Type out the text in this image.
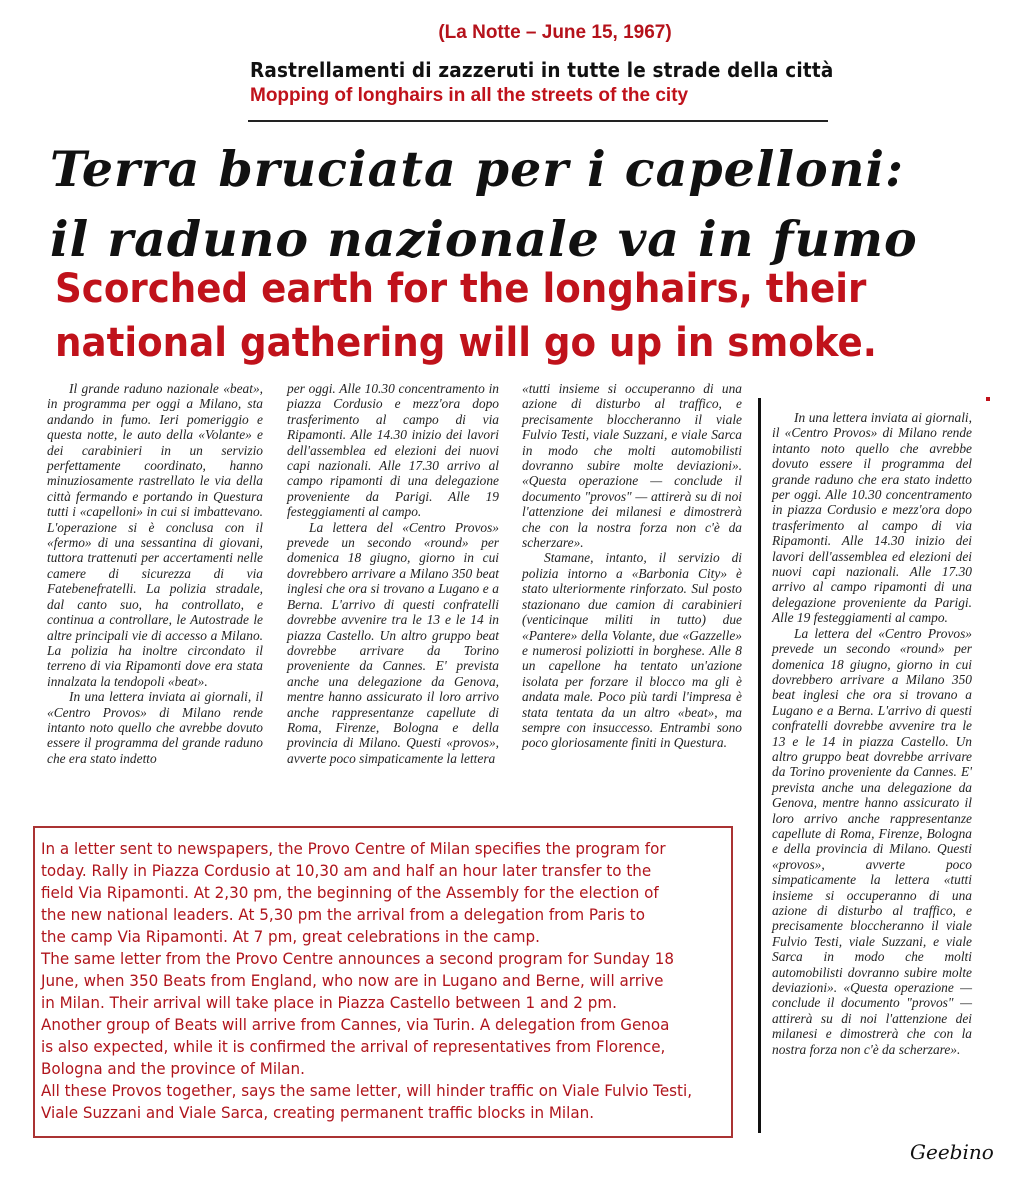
(La Notte – June 15, 1967)
Rastrellamenti di zazzeruti in tutte le strade della città
Mopping of longhairs in all the streets of the city
Terra bruciata per i capelloni:
il raduno nazionale va in fumo
Scorched earth for the longhairs, their
national gathering will go up in smoke.

Il grande raduno nazionale «beat», in programma per oggi a Milano, sta andando in fumo. Ieri pomeriggio e questa notte, le auto della «Volante» e dei carabinieri in un servizio perfettamente coordinato, hanno minuziosamente rastrellato le via della città fermando e portando in Questura tutti i «capelloni» in cui si imbattevano. L'operazione si è conclusa con il «fermo» di una sessantina di giovani, tuttora trattenuti per accertamenti nelle camere di sicurezza di via Fatebenefratelli. La polizia stradale, dal canto suo, ha controllato, e continua a controllare, le Autostrade le altre principali vie di accesso a Milano. La polizia ha inoltre circondato il terreno di via Ripamonti dove era stata innalzata la tendopoli «beat».

In una lettera inviata ai giornali, il «Centro Provos» di Milano rende intanto noto quello che avrebbe dovuto essere il programma del grande raduno che era stato indetto

per oggi. Alle 10.30 concentramento in piazza Cordusio e mezz'ora dopo trasferimento al campo di via Ripamonti. Alle 14.30 inizio dei lavori dell'assemblea ed elezioni dei nuovi capi nazionali. Alle 17.30 arrivo al campo ripamonti di una delegazione proveniente da Parigi. Alle 19 festeggiamenti al campo.

La lettera del «Centro Provos» prevede un secondo «round» per domenica 18 giugno, giorno in cui dovrebbero arrivare a Milano 350 beat inglesi che ora si trovano a Lugano e a Berna. L'arrivo di questi confratelli dovrebbe avvenire tra le 13 e le 14 in piazza Castello. Un altro gruppo beat dovrebbe arrivare da Torino proveniente da Cannes. E' prevista anche una delegazione da Genova, mentre hanno assicurato il loro arrivo anche rappresentanze capellute di Roma, Firenze, Bologna e della provincia di Milano. Questi «provos», avverte poco simpaticamente la lettera

«tutti insieme si occuperanno di una azione di disturbo al traffico, e precisamente bloccheranno il viale Fulvio Testi, viale Suzzani, e viale Sarca in modo che molti automobilisti dovranno subire molte deviazioni». «Questa operazione — conclude il documento "provos" — attirerà su di noi l'attenzione dei milanesi e dimostrerà che con la nostra forza non c'è da scherzare».

Stamane, intanto, il servizio di polizia intorno a «Barbonia City» è stato ulteriormente rinforzato. Sul posto stazionano due camion di carabinieri (venticinque militi in tutto) due «Pantere» della Volante, due «Gazzelle» e numerosi poliziotti in borghese. Alle 8 un capellone ha tentato un'azione isolata per forzare il blocco ma gli è andata male. Poco più tardi l'impresa è stata tentata da un altro «beat», ma sempre con insuccesso. Entrambi sono poco gloriosamente finiti in Questura.

In una lettera inviata ai giornali, il «Centro Provos» di Milano rende intanto noto quello che avrebbe dovuto essere il programma del grande raduno che era stato indetto per oggi. Alle 10.30 concentramento in piazza Cordusio e mezz'ora dopo trasferimento al campo di via Ripamonti. Alle 14.30 inizio dei lavori dell'assemblea ed elezioni dei nuovi capi nazionali. Alle 17.30 arrivo al campo ripamonti di una delegazione proveniente da Parigi. Alle 19 festeggiamenti al campo.

La lettera del «Centro Provos» prevede un secondo «round» per domenica 18 giugno, giorno in cui dovrebbero arrivare a Milano 350 beat inglesi che ora si trovano a Lugano e a Berna. L'arrivo di questi confratelli dovrebbe avvenire tra le 13 e le 14 in piazza Castello. Un altro gruppo beat dovrebbe arrivare da Torino proveniente da Cannes. E' prevista anche una delegazione da Genova, mentre hanno assicurato il loro arrivo anche rappresentanze capellute di Roma, Firenze, Bologna e della provincia di Milano. Questi «provos», avverte poco simpaticamente la lettera «tutti insieme si occuperanno di una azione di disturbo al traffico, e precisamente bloccheranno il viale Fulvio Testi, viale Suzzani, e viale Sarca in modo che molti automobilisti dovranno subire molte deviazioni». «Questa operazione — conclude il documento "provos" — attirerà su di noi l'attenzione dei milanesi e dimostrerà che con la nostra forza non c'è da scherzare».

In a letter sent to newspapers, the Provo Centre of Milan specifies the program for

today. Rally in Piazza Cordusio at 10,30 am and half an hour later transfer to the

field Via Ripamonti. At 2,30 pm, the beginning of the Assembly for the election of

the new national leaders. At 5,30 pm the arrival from a delegation from Paris to

the camp Via Ripamonti. At 7 pm, great celebrations in the camp.

The same letter from the Provo Centre announces a second program for Sunday 18

June, when 350 Beats from England, who now are in Lugano and Berne, will arrive

in Milan. Their arrival will take place in Piazza Castello between 1 and 2 pm.

Another group of Beats will arrive from Cannes, via Turin. A delegation from Genoa

is also expected, while it is confirmed the arrival of representatives from Florence,

Bologna and the province of Milan.

All these Provos together, says the same letter, will hinder traffic on Viale Fulvio Testi,

Viale Suzzani and Viale Sarca, creating permanent traffic blocks in Milan.

Geebino
